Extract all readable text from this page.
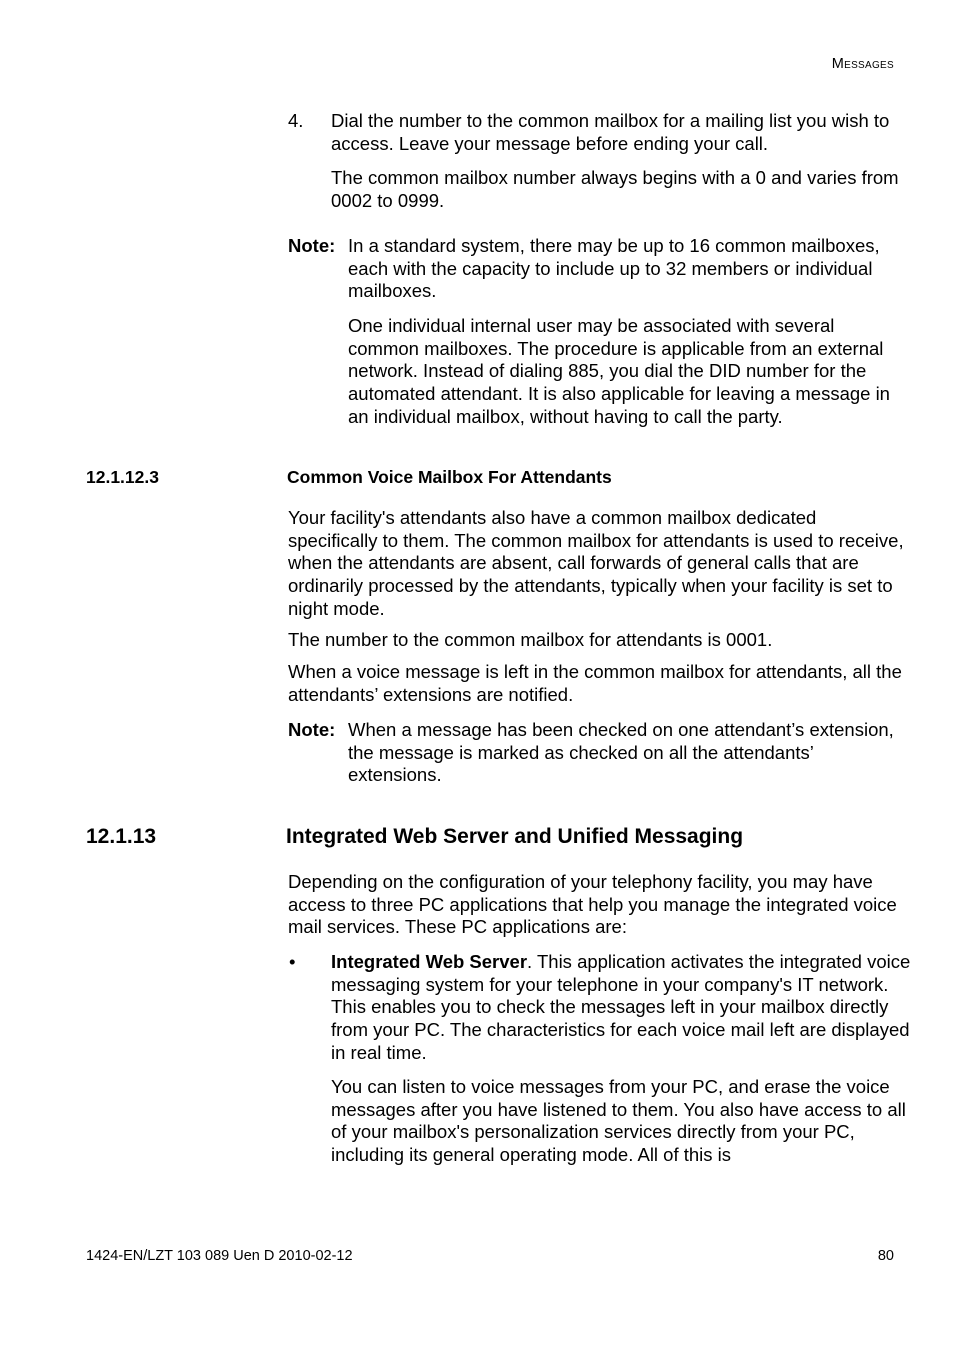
Messages
4.	Dial the number to the common mailbox for a mailing list you wish to access. Leave your message before ending your call.
The common mailbox number always begins with a 0 and varies from 0002 to 0999.
Note: In a standard system, there may be up to 16 common mailboxes, each with the capacity to include up to 32 members or individual mailboxes.
One individual internal user may be associated with several common mailboxes. The procedure is applicable from an external network. Instead of dialing 885, you dial the DID number for the automated attendant. It is also applicable for leaving a message in an individual mailbox, without having to call the party.
12.1.12.3	Common Voice Mailbox For Attendants
Your facility's attendants also have a common mailbox dedicated specifically to them. The common mailbox for attendants is used to receive, when the attendants are absent, call forwards of general calls that are ordinarily processed by the attendants, typically when your facility is set to night mode.
The number to the common mailbox for attendants is 0001.
When a voice message is left in the common mailbox for attendants, all the attendants’ extensions are notified.
Note: When a message has been checked on one attendant’s extension, the message is marked as checked on all the attendants’ extensions.
12.1.13	Integrated Web Server and Unified Messaging
Depending on the configuration of your telephony facility, you may have access to three PC applications that help you manage the integrated voice mail services. These PC applications are:
• Integrated Web Server. This application activates the integrated voice messaging system for your telephone in your company's IT network. This enables you to check the messages left in your mailbox directly from your PC. The characteristics for each voice mail left are displayed in real time.
You can listen to voice messages from your PC, and erase the voice messages after you have listened to them. You also have access to all of your mailbox's personalization services directly from your PC, including its general operating mode. All of this is
1424-EN/LZT 103 089 Uen D 2010-02-12	80
